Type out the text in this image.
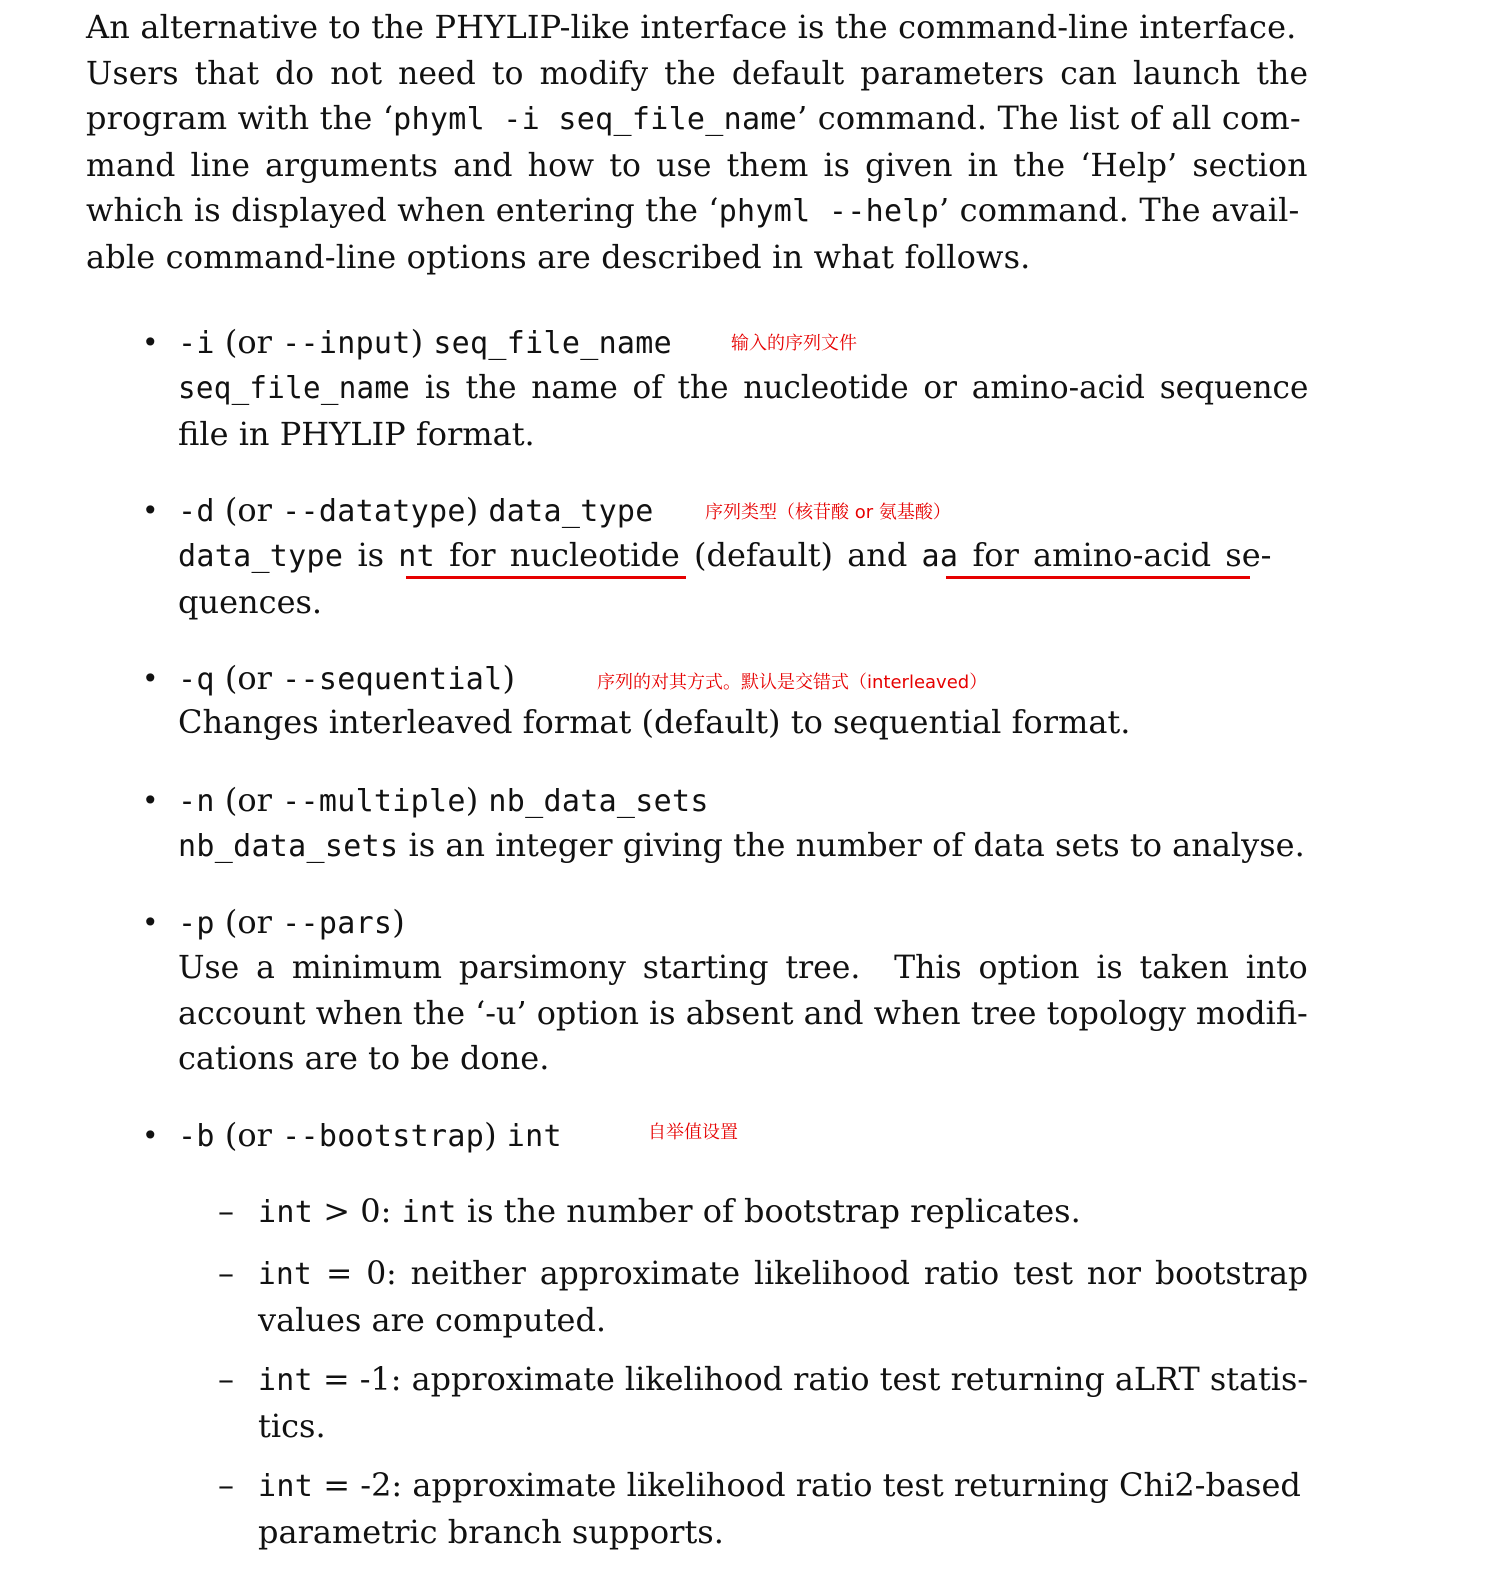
An alternative to the PHYLIP-like interface is the command-line interface.
Users that do not need to modify the default parameters can launch the
program with the ‘phyml -i seq_file_name’ command. The list of all com-
mand line arguments and how to use them is given in the ‘Help’ section
which is displayed when entering the ‘phyml --help’ command. The avail-
able command-line options are described in what follows.
• -i (or --input) seq_file_name	输入的序列文件
seq_file_name is the name of the nucleotide or amino-acid sequence
file in PHYLIP format.
• -d (or --datatype) data_type	序列类型（核苷酸 or 氨基酸）
data_type is nt for nucleotide (default) and aa for amino-acid se-
quences.
• -q (or --sequential)	序列的对其方式。默认是交错式（interleaved）
Changes interleaved format (default) to sequential format.
• -n (or --multiple) nb_data_sets
nb_data_sets is an integer giving the number of data sets to analyse.
• -p (or --pars)
Use a minimum parsimony starting tree.  This option is taken into
account when the ‘-u’ option is absent and when tree topology modifi-
cations are to be done.
• -b (or --bootstrap) int	自举值设置
– int > 0: int is the number of bootstrap replicates.
– int = 0: neither approximate likelihood ratio test nor bootstrap
values are computed.
– int = -1: approximate likelihood ratio test returning aLRT statis-
tics.
– int = -2: approximate likelihood ratio test returning Chi2-based
parametric branch supports.
